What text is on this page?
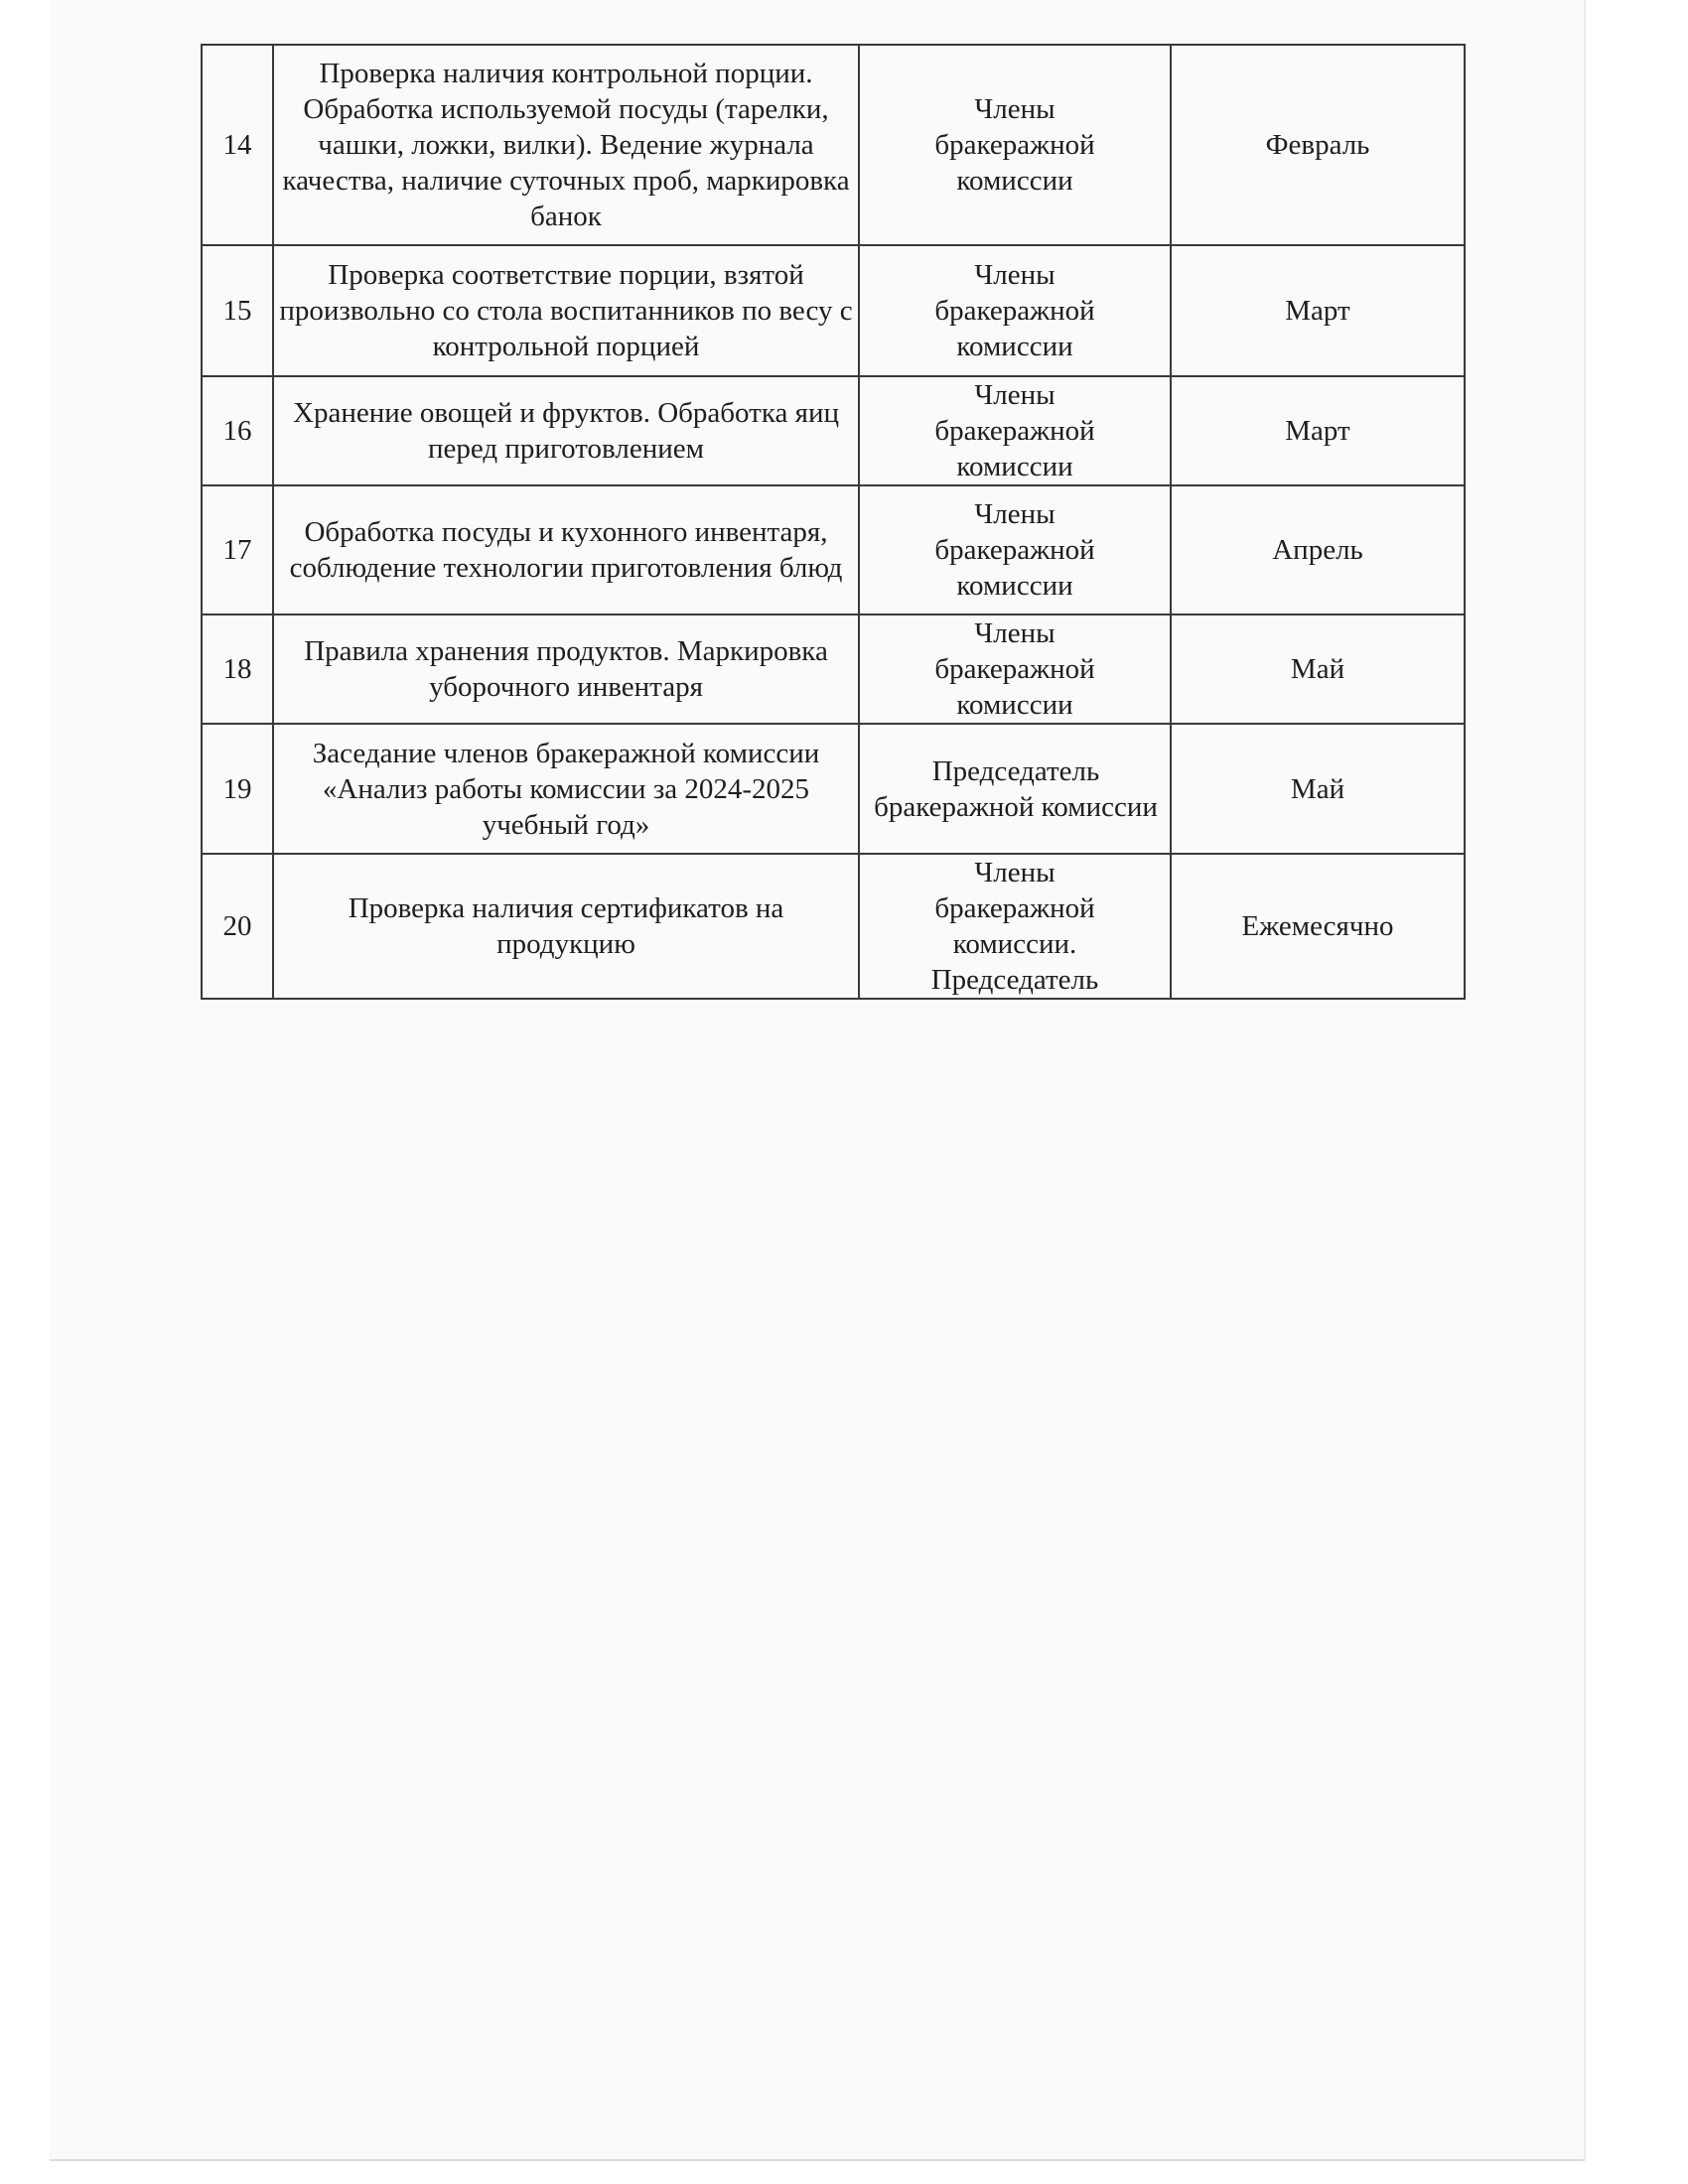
14	Проверка наличия контрольной порции. Обработка используемой посуды (тарелки, чашки, ложки, вилки). Ведение журнала качества, наличие суточных проб, маркировка банок	Члены бракеражной комиссии	Февраль
15	Проверка соответствие порции, взятой произвольно со стола воспитанников по весу с контрольной порцией	Члены бракеражной комиссии	Март
16	Хранение овощей и фруктов. Обработка яиц перед приготовлением	Члены бракеражной комиссии	Март
17	Обработка посуды и кухонного инвентаря, соблюдение технологии приготовления блюд	Члены бракеражной комиссии	Апрель
18	Правила хранения продуктов. Маркировка уборочного инвентаря	Члены бракеражной комиссии	Май
19	Заседание членов бракеражной комиссии «Анализ работы комиссии за 2024-2025 учебный год»	Председатель бракеражной комиссии	Май
20	Проверка наличия сертификатов на продукцию	Члены бракеражной комиссии. Председатель	Ежемесячно
